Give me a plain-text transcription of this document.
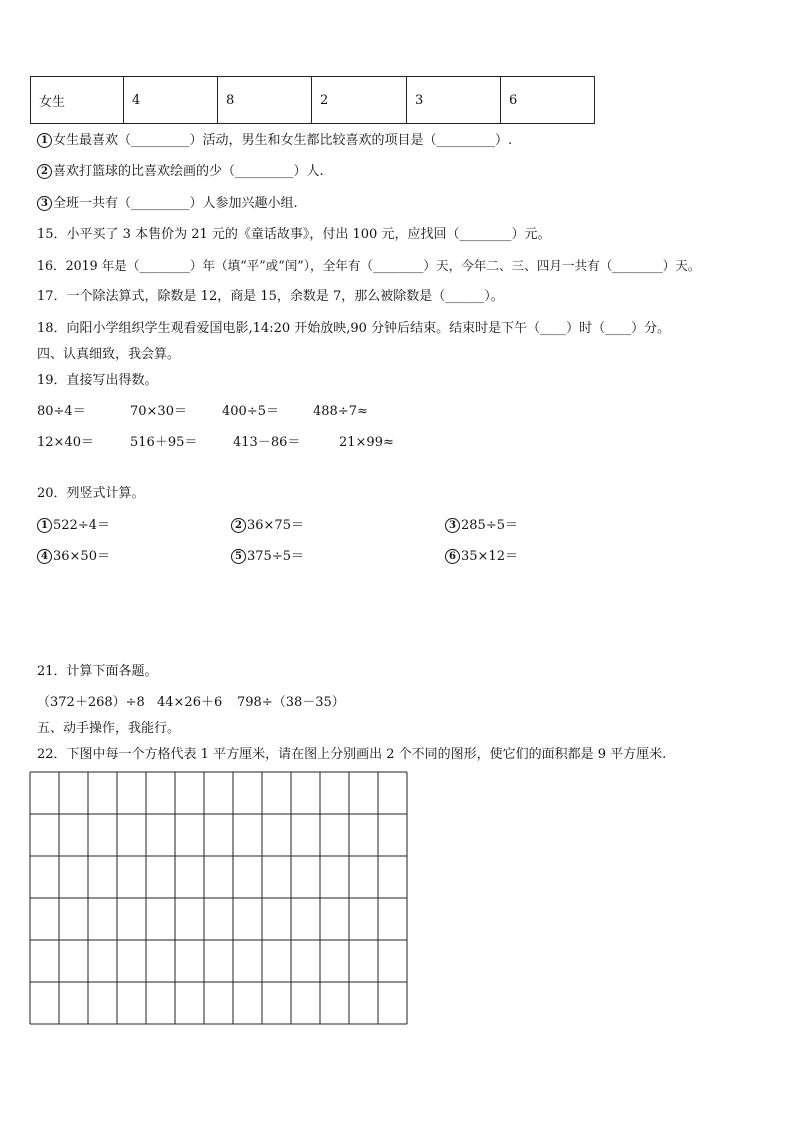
女生	4	8	2	3	6
1 女生最喜欢（_________）活动，男生和女生都比较喜欢的项目是（_________）.
2 喜欢打篮球的比喜欢绘画的少（_________）人.
3 全班一共有（_________）人参加兴趣小组.
15．小平买了 3 本售价为 21 元的《童话故事》，付出 100 元，应找回（________）元。
16．2019 年是（________）年（填“平”或“闰”），全年有（________）天，今年二、三、四月一共有（________）天。
17．一个除法算式，除数是 12，商是 15，余数是 7，那么被除数是（______）。
18．向阳小学组织学生观看爱国电影,14:20 开始放映,90 分钟后结束。结束时是下午（____）时（____）分。
四、认真细致，我会算。
19．直接写出得数。
80÷4＝	70×30＝	400÷5＝	488÷7≈
12×40＝	516＋95＝	413－86＝	21×99≈
20．列竖式计算。
1 522÷4＝	2 36×75＝	3 285÷5＝
4 36×50＝	5 375÷5＝	6 35×12＝
21．计算下面各题。
（372＋268）÷8 44×26＋6 798÷（38－35）
五、动手操作，我能行。
22．下图中每一个方格代表 1 平方厘米，请在图上分别画出 2 个不同的图形，使它们的面积都是 9 平方厘米.
